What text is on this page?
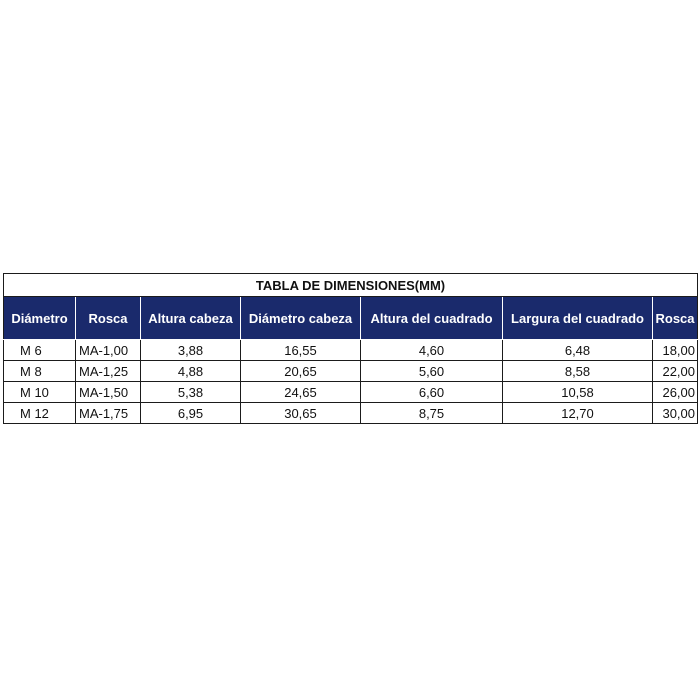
TABLA DE DIMENSIONES(MM)						
Diámetro	Rosca	Altura cabeza	Diámetro cabeza	Altura del cuadrado	Largura del cuadrado	Rosca
M 6	MA-1,00	3,88	16,55	4,60	6,48	18,00
M 8	MA-1,25	4,88	20,65	5,60	8,58	22,00
M 10	MA-1,50	5,38	24,65	6,60	10,58	26,00
M 12	MA-1,75	6,95	30,65	8,75	12,70	30,00
